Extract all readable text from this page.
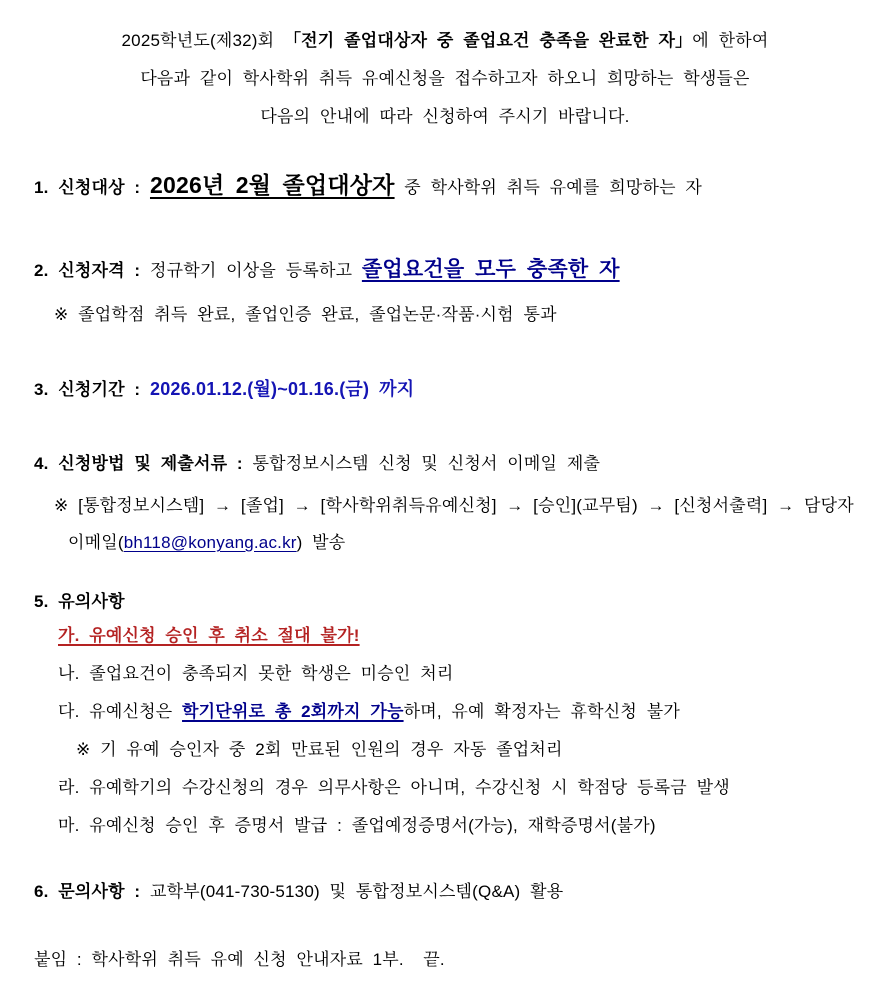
2025학년도(제32)회 「전기 졸업대상자 중 졸업요건 충족을 완료한 자」에 한하여

다음과 같이 학사학위 취득 유예신청을 접수하고자 하오니 희망하는 학생들은

다음의 안내에 따라 신청하여 주시기 바랍니다.

1. 신청대상 : 2026년 2월 졸업대상자 중 학사학위 취득 유예를 희망하는 자

2. 신청자격 : 정규학기 이상을 등록하고 졸업요건을 모두 충족한 자

※ 졸업학점 취득 완료, 졸업인증 완료, 졸업논문·작품·시험 통과

3. 신청기간 : 2026.01.12.(월)~01.16.(금) 까지

4. 신청방법 및 제출서류 : 통합정보시스템 신청 및 신청서 이메일 제출

※ [통합정보시스템] → [졸업] → [학사학위취득유예신청] → [승인](교무팀) → [신청서출력] → 담당자 이메일(bh118@konyang.ac.kr) 발송

5. 유의사항

가. 유예신청 승인 후 취소 절대 불가!

나. 졸업요건이 충족되지 못한 학생은 미승인 처리

다. 유예신청은 학기단위로 총 2회까지 가능하며, 유예 확정자는 휴학신청 불가

※ 기 유예 승인자 중 2회 만료된 인원의 경우 자동 졸업처리

라. 유예학기의 수강신청의 경우 의무사항은 아니며, 수강신청 시 학점당 등록금 발생

마. 유예신청 승인 후 증명서 발급 : 졸업예정증명서(가능), 재학증명서(불가)

6. 문의사항 : 교학부(041-730-5130) 및 통합정보시스템(Q&A) 활용

붙임 : 학사학위 취득 유예 신청 안내자료 1부.  끝.
